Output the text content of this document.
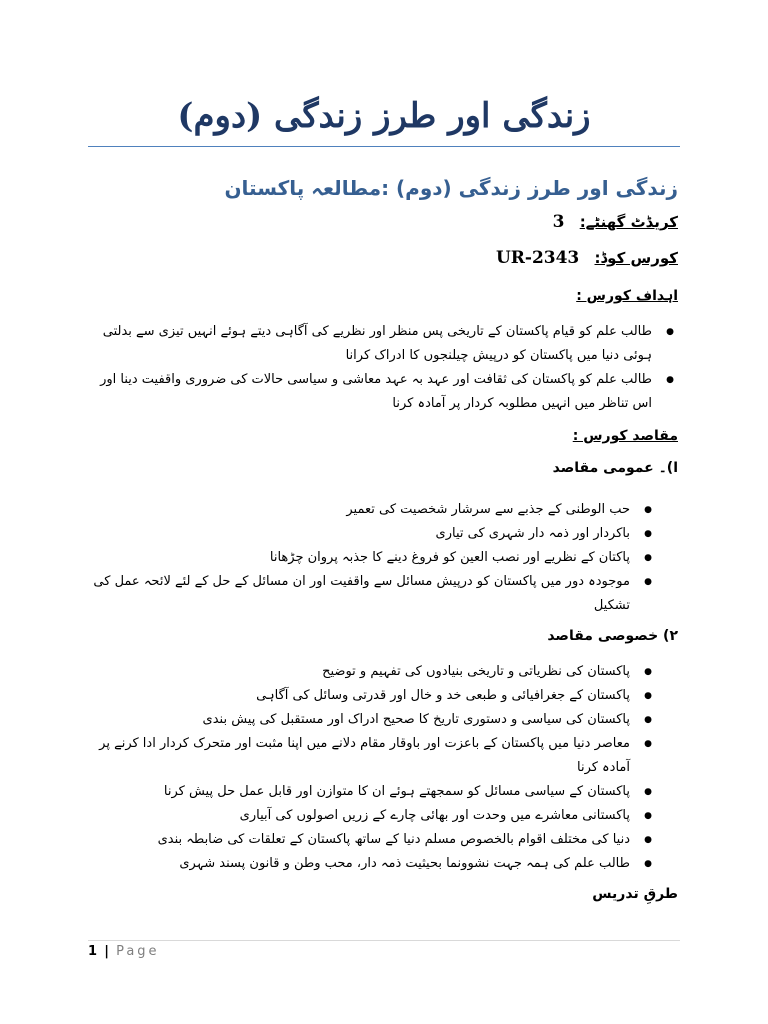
زندگی اور طرز زندگی (دوم)
زندگی اور طرز زندگی (دوم) :مطالعہ پاکستان
کریڈٹ گھنٹے: 3
کورس کوڈ: UR-2343
اہداف کورس :
● طالب علم کو قیام پاکستان کے تاریخی پس منظر اور نظریے کی آگاہی دیتے ہوئے انہیں تیزی سے بدلتی ہوئی دنیا میں پاکستان کو درپیش چیلنجوں کا ادراک کرانا
● طالب علم کو پاکستان کی ثقافت اور عہد بہ عہد معاشی و سیاسی حالات کی ضروری واقفیت دینا اور اس تناظر میں انہیں مطلوبہ کردار پر آمادہ کرنا
مقاصد کورس :
ا)۔ عمومی مقاصد
● حب الوطنی کے جذبے سے سرشار شخصیت کی تعمیر
● باکردار اور ذمہ دار شہری کی تیاری
● پاکتان کے نظریے اور نصب العین کو فروغ دینے کا جذبہ پروان چڑھانا
● موجودہ دور میں پاکستان کو درپیش مسائل سے واقفیت اور ان مسائل کے حل کے لئے لائحہ عمل کی تشکیل
۲) خصوصی مقاصد
● پاکستان کی نظریاتی و تاریخی بنیادوں کی تفہیم و توضیح
● پاکستان کے جغرافیائی و طبعی خد و خال اور قدرتی وسائل کی آگاہی
● پاکستان کی سیاسی و دستوری تاریخ کا صحیح ادراک اور مستقبل کی پیش بندی
● معاصر دنیا میں پاکستان کے باعزت اور باوقار مقام دلانے میں اپنا مثبت اور متحرک کردار ادا کرنے پر آمادہ کرنا
● پاکستان کے سیاسی مسائل کو سمجھتے ہوئے ان کا متوازن اور قابل عمل حل پیش کرنا
● پاکستانی معاشرے میں وحدت اور بھائی چارے کے زریں اصولوں کی آبیاری
● دنیا کی مختلف اقوام بالخصوص مسلم دنیا کے ساتھ پاکستان کے تعلقات کی ضابطہ بندی
● طالب علم کی ہمہ جہت نشوونما بحیثیت ذمہ دار، محب وطن و قانون پسند شہری
طرقِ تدریس
1 | Page
